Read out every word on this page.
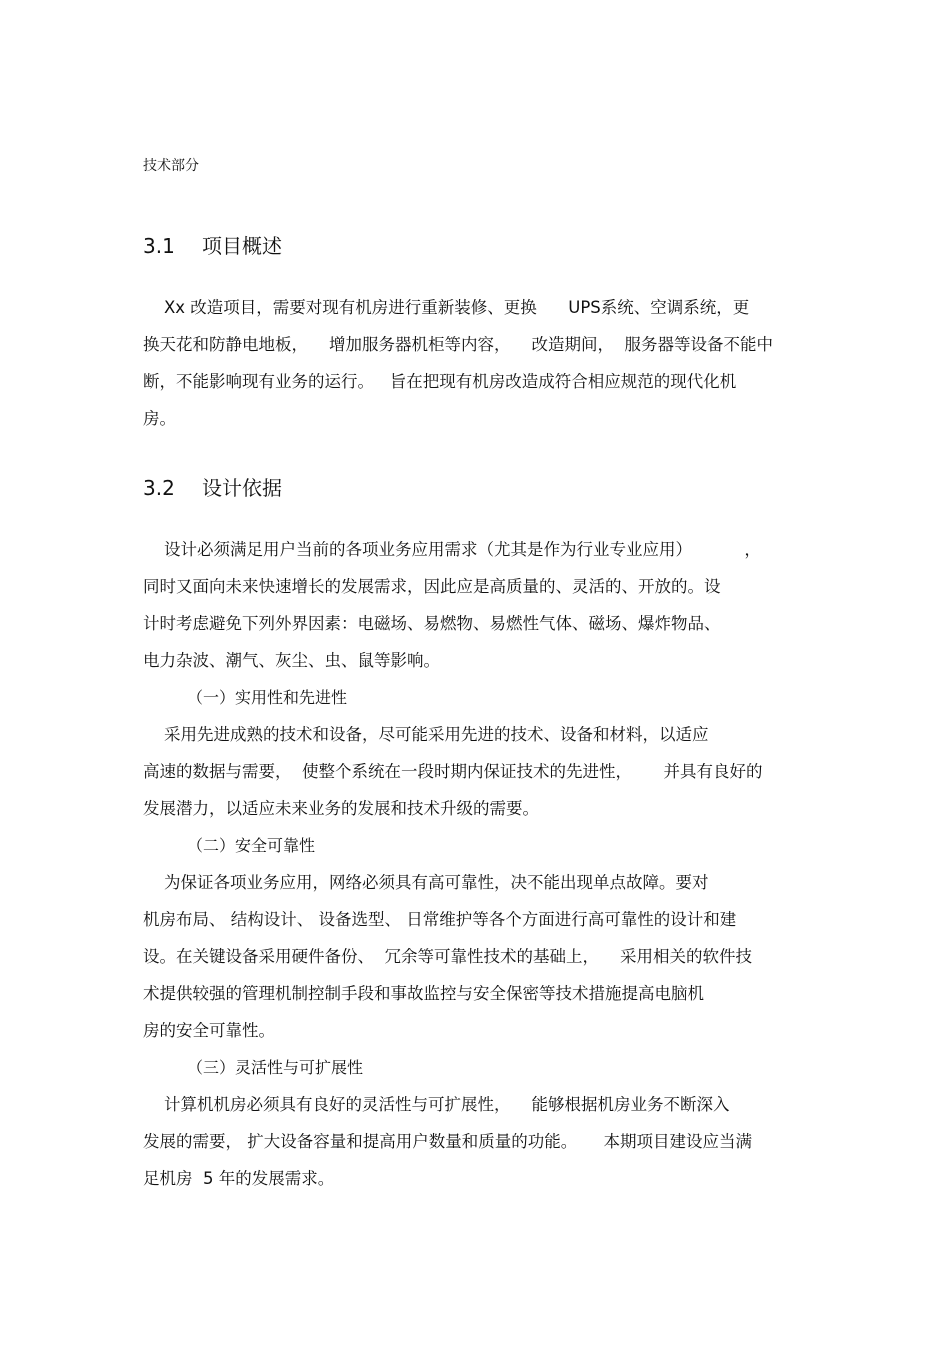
技术部分
3.1	项目概述
Xx 改造项目，需要对现有机房进行重新装修、更换      UPS系统、空调系统，更
换天花和防静电地板，    增加服务器机柜等内容，    改造期间，  服务器等设备不能中
断，不能影响现有业务的运行。   旨在把现有机房改造成符合相应规范的现代化机
房。
3.2	设计依据
设计必须满足用户当前的各项业务应用需求（尤其是作为行业专业应用）          ，
同时又面向未来快速增长的发展需求，因此应是高质量的、灵活的、开放的。设
计时考虑避免下列外界因素：电磁场、易燃物、易燃性气体、磁场、爆炸物品、
电力杂波、潮气、灰尘、虫、鼠等影响。
（一）实用性和先进性
采用先进成熟的技术和设备，尽可能采用先进的技术、设备和材料，以适应
高速的数据与需要，  使整个系统在一段时期内保证技术的先进性，      并具有良好的
发展潜力，以适应未来业务的发展和技术升级的需要。
（二）安全可靠性
为保证各项业务应用，网络必须具有高可靠性，决不能出现单点故障。要对
机房布局、 结构设计、 设备选型、 日常维护等各个方面进行高可靠性的设计和建
设。在关键设备采用硬件备份、  冗余等可靠性技术的基础上，    采用相关的软件技
术提供较强的管理机制控制手段和事故监控与安全保密等技术措施提高电脑机
房的安全可靠性。
（三）灵活性与可扩展性
计算机机房必须具有良好的灵活性与可扩展性，    能够根据机房业务不断深入
发展的需要， 扩大设备容量和提高用户数量和质量的功能。     本期项目建设应当满
足机房  5 年的发展需求。
